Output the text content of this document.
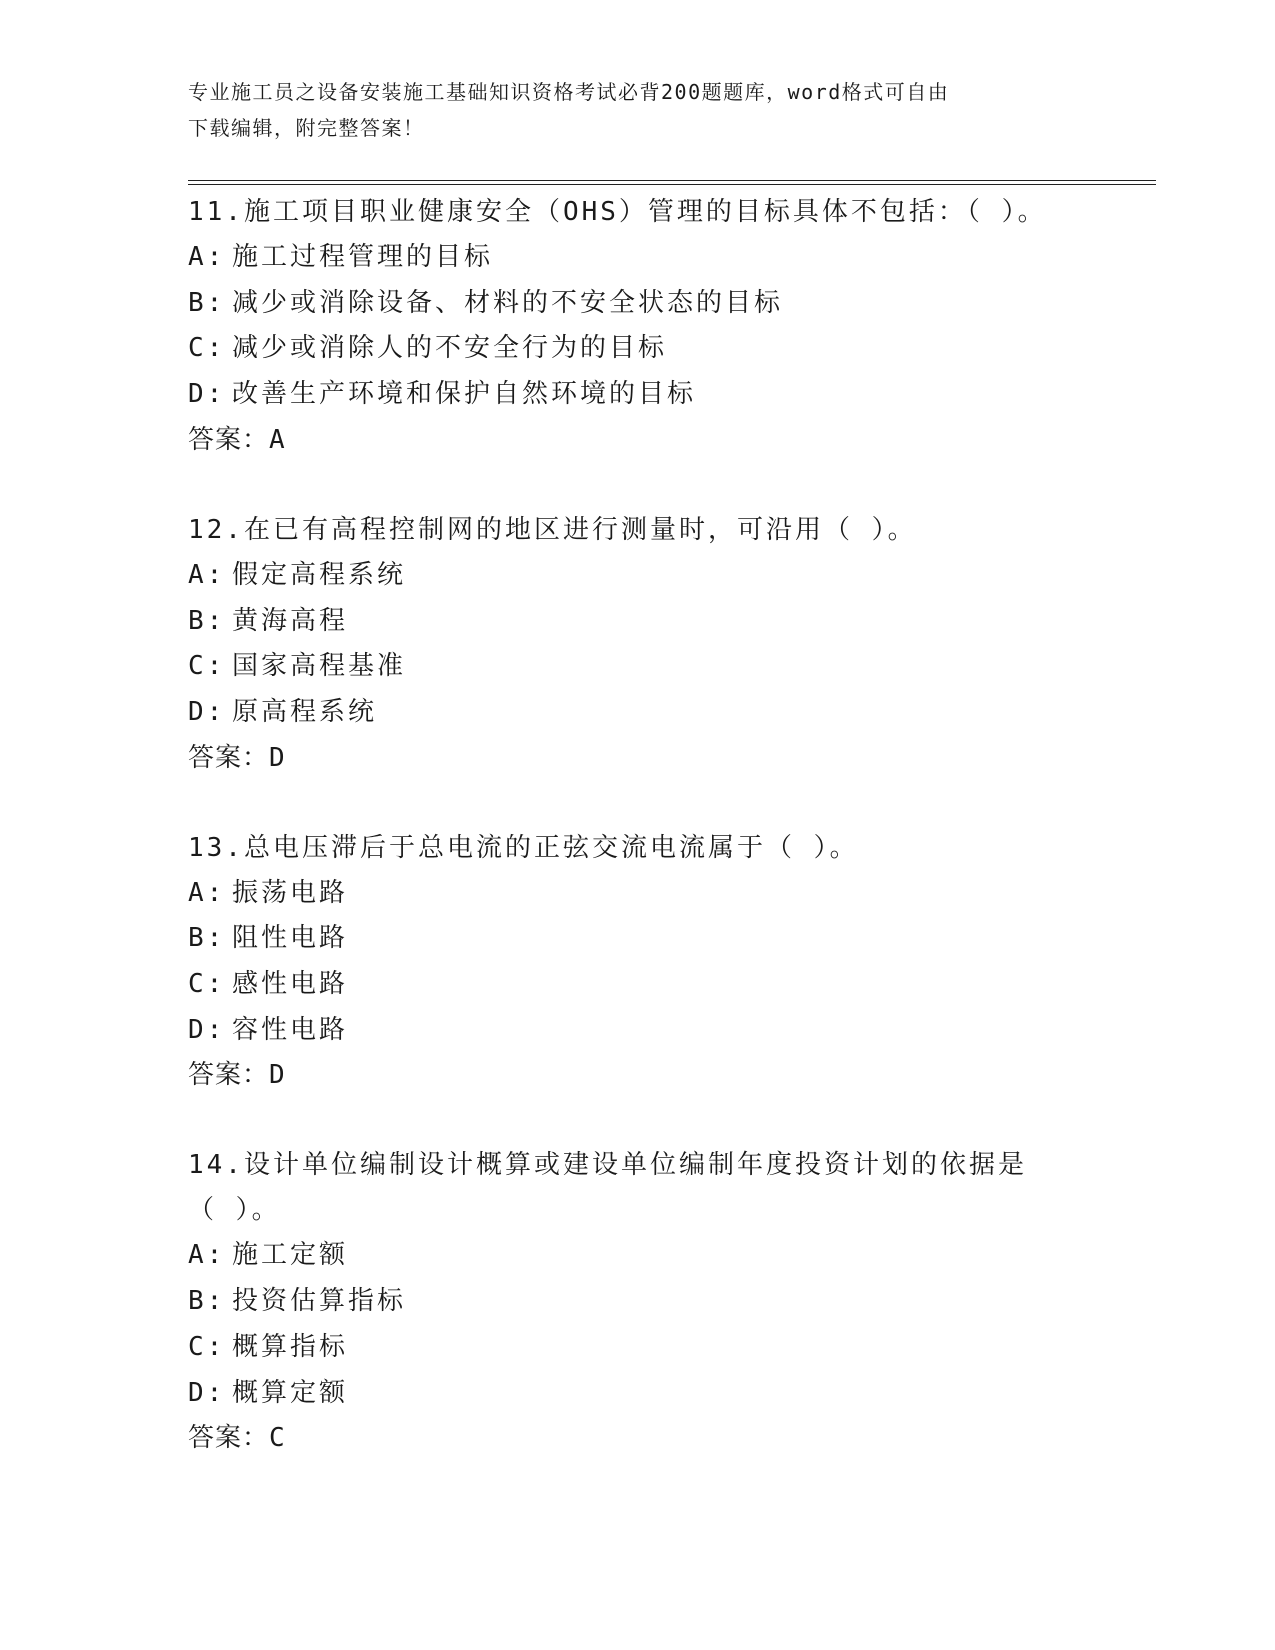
专业施工员之设备安装施工基础知识资格考试必背200题题库，word格式可自由
下载编辑，附完整答案！
11.施工项目职业健康安全（OHS）管理的目标具体不包括：（ ）。
A: 施工过程管理的目标
B: 减少或消除设备、材料的不安全状态的目标
C: 减少或消除人的不安全行为的目标
D: 改善生产环境和保护自然环境的目标
答案：A
12.在已有高程控制网的地区进行测量时，可沿用（ ）。
A: 假定高程系统
B: 黄海高程
C: 国家高程基准
D: 原高程系统
答案：D
13.总电压滞后于总电流的正弦交流电流属于（ ）。
A: 振荡电路
B: 阻性电路
C: 感性电路
D: 容性电路
答案：D
14.设计单位编制设计概算或建设单位编制年度投资计划的依据是（ ）。
A: 施工定额
B: 投资估算指标
C: 概算指标
D: 概算定额
答案：C
